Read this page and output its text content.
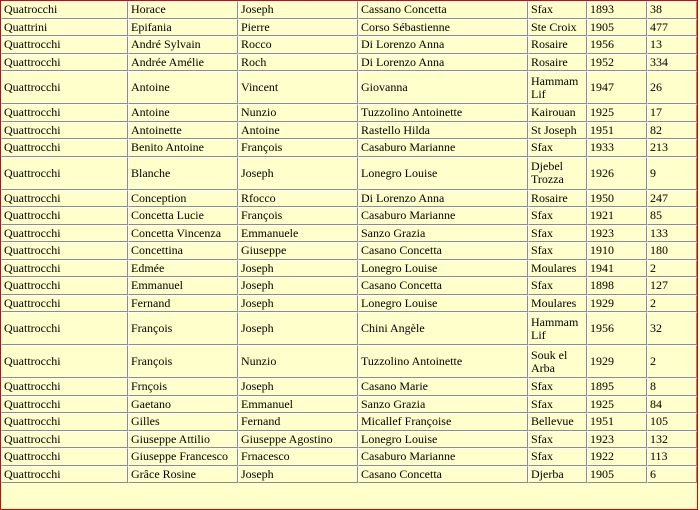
Quatrocchi	Horace	Joseph	Cassano Concetta	Sfax	1893	38
Quattrini	Epifania	Pierre	Corso Sébastienne	Ste Croix	1905	477
Quattrocchi	André Sylvain	Rocco	Di Lorenzo Anna	Rosaire	1956	13
Quattrocchi	Andrée Amélie	Roch	Di Lorenzo Anna	Rosaire	1952	334
Quattrocchi	Antoine	Vincent	Giovanna	Hammam Lif	1947	26
Quattrocchi	Antoine	Nunzio	Tuzzolino Antoinette	Kairouan	1925	17
Quattrocchi	Antoinette	Antoine	Rastello Hilda	St Joseph	1951	82
Quattrocchi	Benito Antoine	François	Casaburo Marianne	Sfax	1933	213
Quattrocchi	Blanche	Joseph	Lonegro Louise	Djebel Trozza	1926	9
Quattrocchi	Conception	Rfocco	Di Lorenzo Anna	Rosaire	1950	247
Quattrocchi	Concetta Lucie	François	Casaburo Marianne	Sfax	1921	85
Quattrocchi	Concetta Vincenza	Emmanuele	Sanzo Grazia	Sfax	1923	133
Quattrocchi	Concettina	Giuseppe	Casano Concetta	Sfax	1910	180
Quattrocchi	Edmée	Joseph	Lonegro Louise	Moulares	1941	2
Quattrocchi	Emmanuel	Joseph	Casano Concetta	Sfax	1898	127
Quattrocchi	Fernand	Joseph	Lonegro Louise	Moulares	1929	2
Quattrocchi	François	Joseph	Chini Angèle	Hammam Lif	1956	32
Quattrocchi	François	Nunzio	Tuzzolino Antoinette	Souk el Arba	1929	2
Quattrocchi	Frnçois	Joseph	Casano Marie	Sfax	1895	8
Quattrocchi	Gaetano	Emmanuel	Sanzo Grazia	Sfax	1925	84
Quattrocchi	Gilles	Fernand	Micallef Françoise	Bellevue	1951	105
Quattrocchi	Giuseppe Attilio	Giuseppe Agostino	Lonegro Louise	Sfax	1923	132
Quattrocchi	Giuseppe Francesco	Frnacesco	Casaburo Marianne	Sfax	1922	113
Quattrocchi	Grâce Rosine	Joseph	Casano Concetta	Djerba	1905	6
